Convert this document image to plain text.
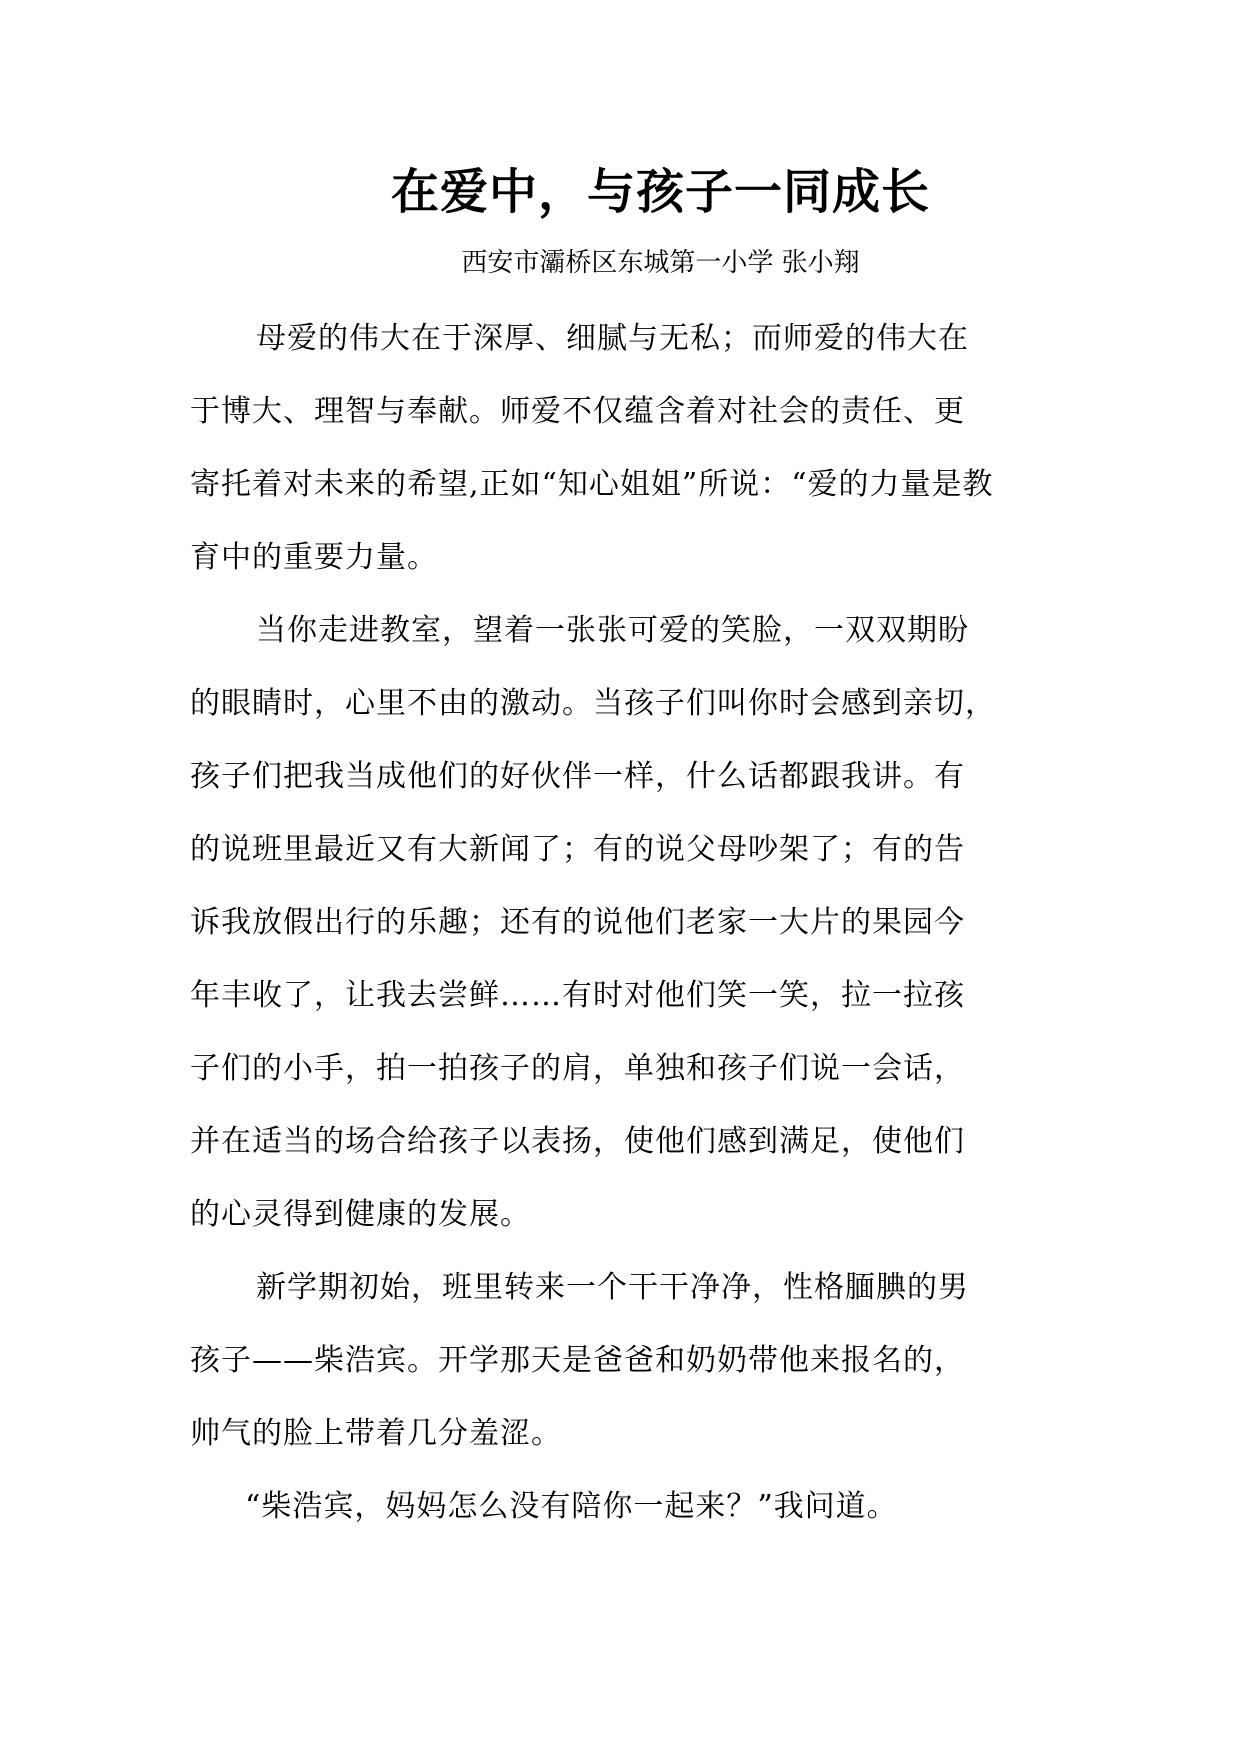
在爱中，与孩子一同成长
西安市灞桥区东城第一小学 张小翔
母爱的伟大在于深厚、细腻与无私；而师爱的伟大在
于博大、理智与奉献。师爱不仅蕴含着对社会的责任、更
寄托着对未来的希望,正如“知心姐姐”所说：“爱的力量是教
育中的重要力量。
当你走进教室，望着一张张可爱的笑脸，一双双期盼
的眼睛时，心里不由的激动。当孩子们叫你时会感到亲切，
孩子们把我当成他们的好伙伴一样，什么话都跟我讲。有
的说班里最近又有大新闻了；有的说父母吵架了；有的告
诉我放假出行的乐趣；还有的说他们老家一大片的果园今
年丰收了，让我去尝鲜……有时对他们笑一笑，拉一拉孩
子们的小手，拍一拍孩子的肩，单独和孩子们说一会话，
并在适当的场合给孩子以表扬，使他们感到满足，使他们
的心灵得到健康的发展。
新学期初始，班里转来一个干干净净，性格腼腆的男
孩子——柴浩宾。开学那天是爸爸和奶奶带他来报名的，
帅气的脸上带着几分羞涩。
“柴浩宾，妈妈怎么没有陪你一起来？”我问道。
